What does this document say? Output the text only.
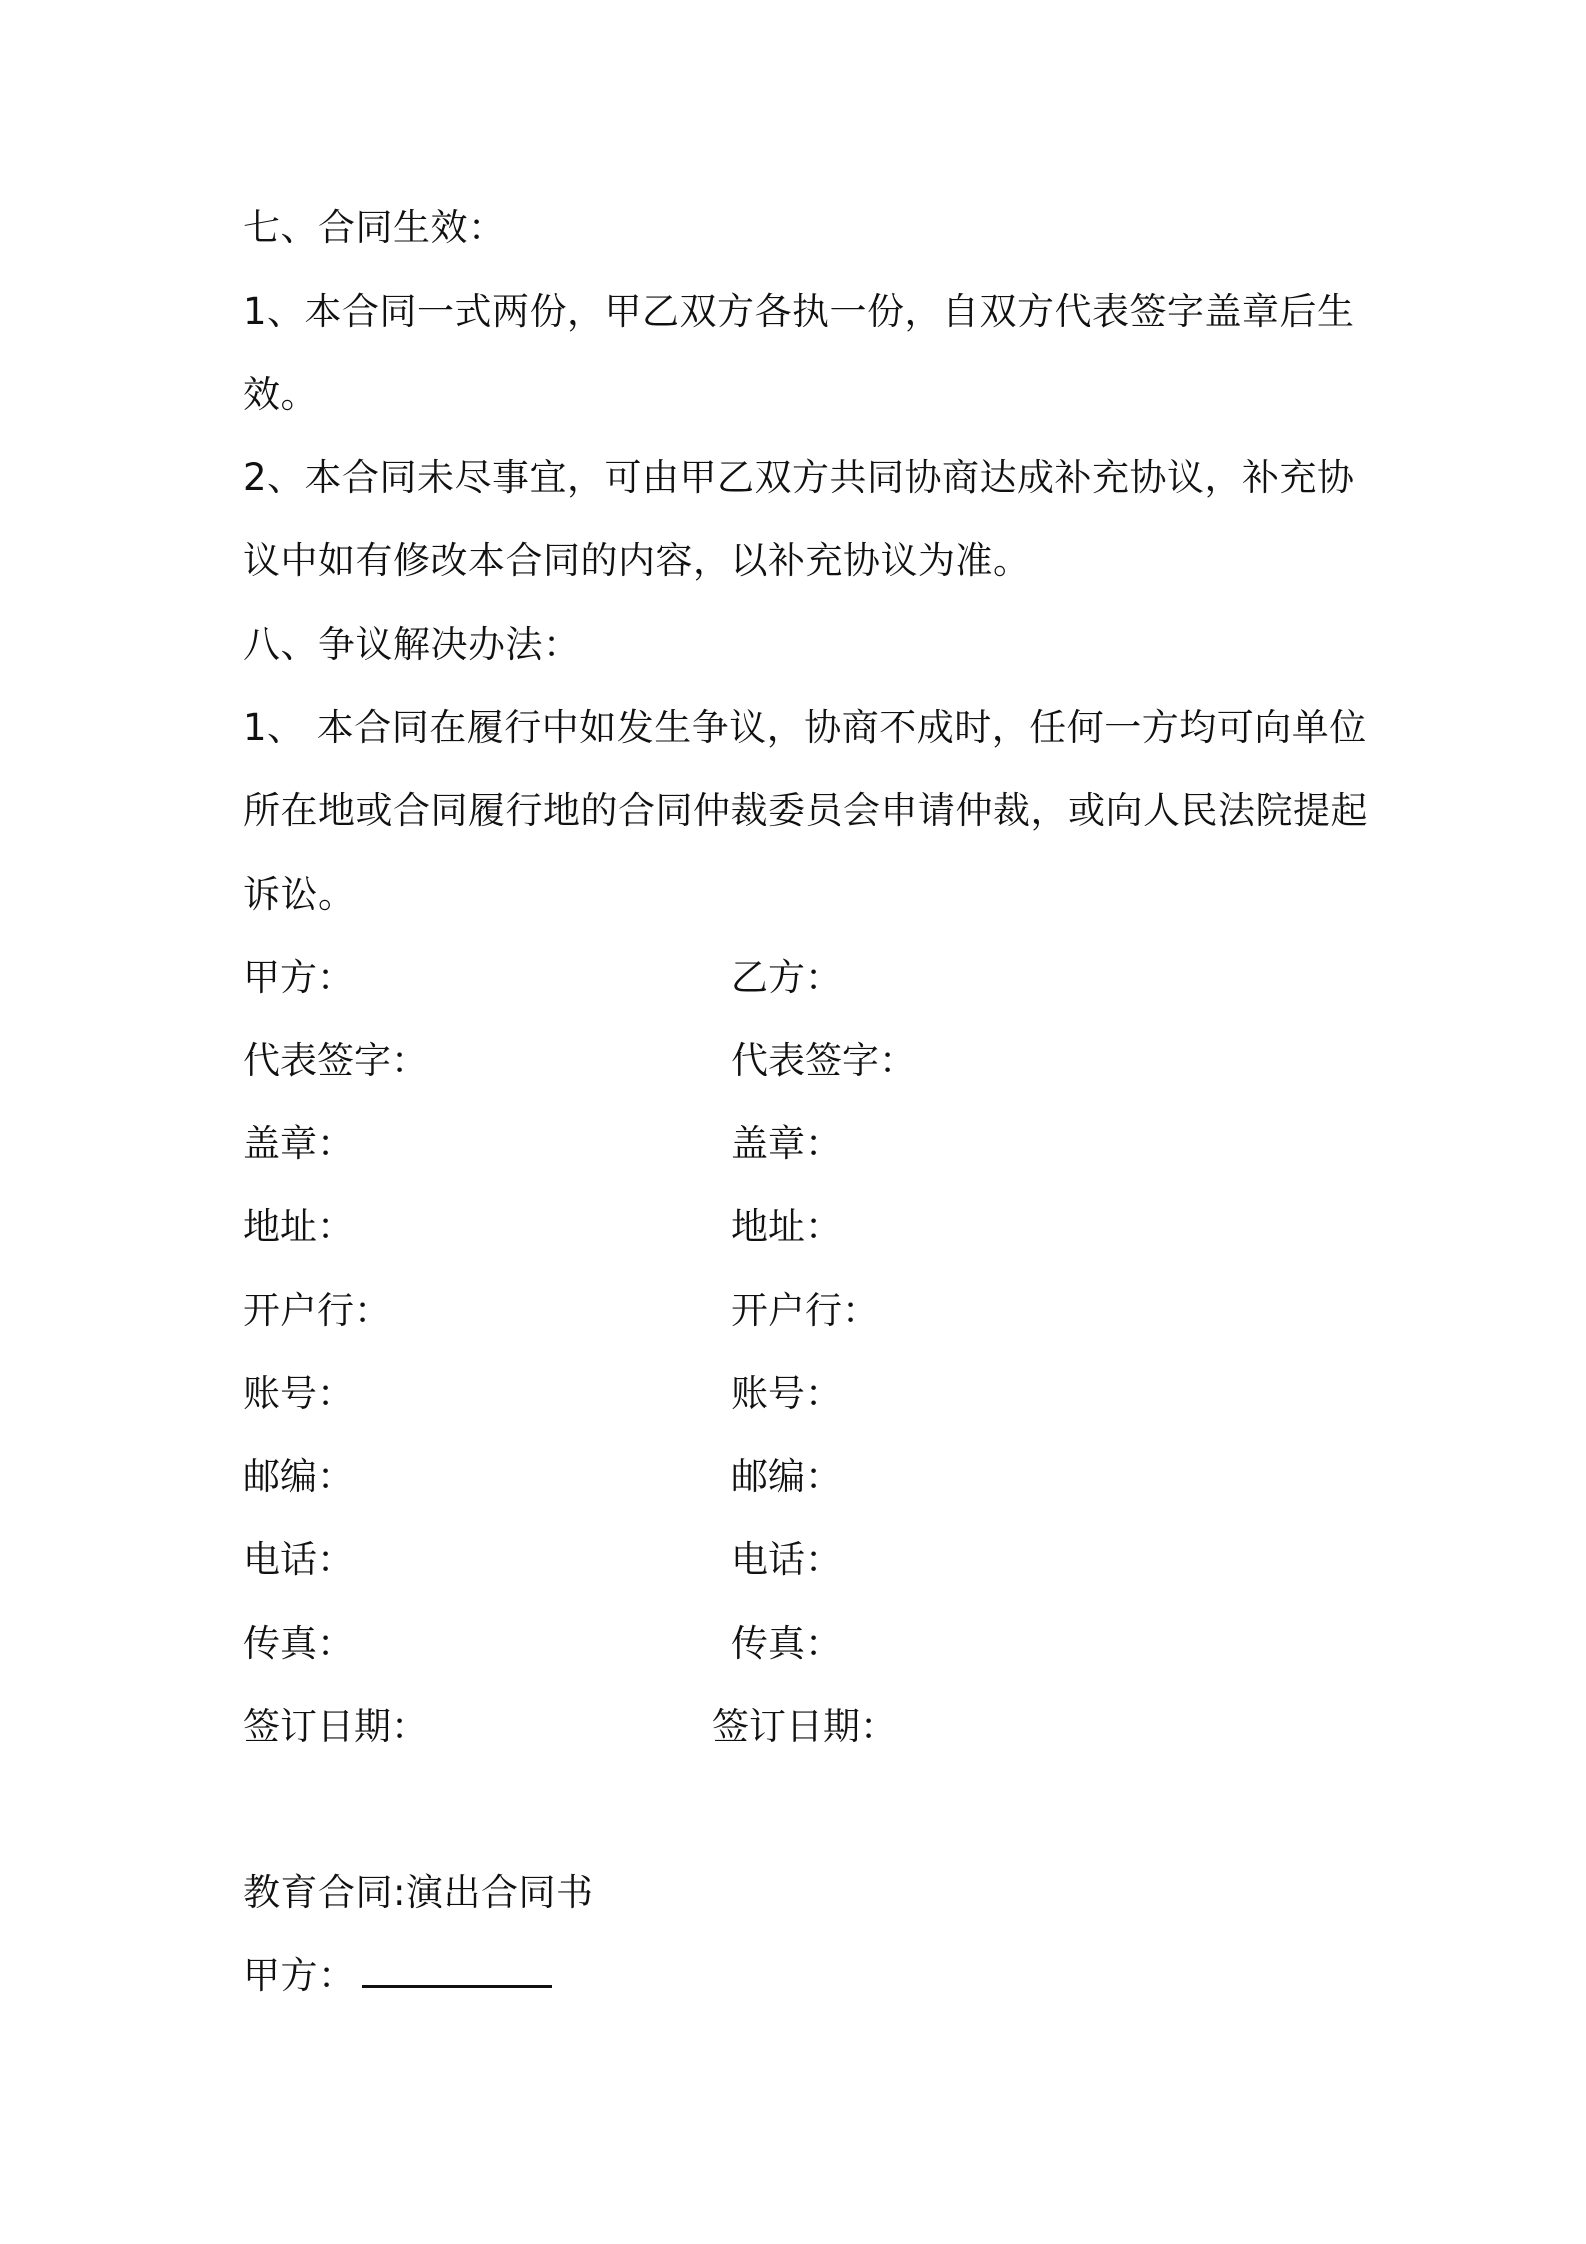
七、合同生效：
1、本合同一式两份，甲乙双方各执一份，自双方代表签字盖章后生
效。
2、本合同未尽事宜，可由甲乙双方共同协商达成补充协议，补充协
议中如有修改本合同的内容，以补充协议为准。
八、争议解决办法：
1、 本合同在履行中如发生争议，协商不成时，任何一方均可向单位
所在地或合同履行地的合同仲裁委员会申请仲裁，或向人民法院提起
诉讼。
甲方：
代表签字：
盖章：
地址：
开户行：
账号：
邮编：
电话：
传真：
签订日期：
乙方：
代表签字：
盖章：
地址：
开户行：
账号：
邮编：
电话：
传真：
签订日期：
教育合同:演出合同书
甲方：
